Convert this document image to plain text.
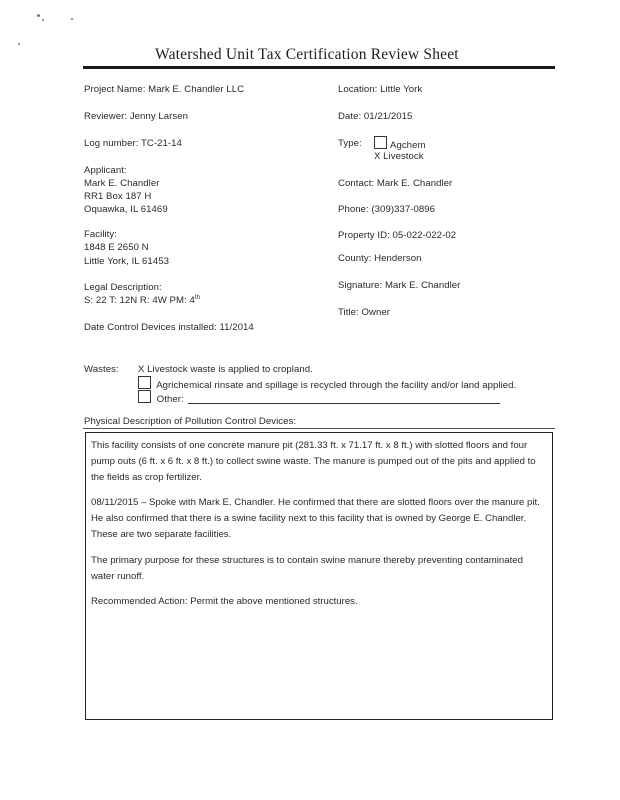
Watershed Unit Tax Certification Review Sheet
Project Name: Mark E. Chandler LLC
Reviewer: Jenny Larsen
Log number: TC-21-14
Applicant:
Mark E. Chandler
RR1 Box 187 H
Oquawka, IL 61469
Facility:
1848 E 2650 N
Little York, IL 61453
Legal Description:
S: 22 T: 12N R: 4W PM: 4th
Date Control Devices installed: 11/2014
Location: Little York
Date: 01/21/2015
Type:	Agchem
X Livestock
Contact: Mark E. Chandler
Phone: (309)337-0896
Property ID: 05-022-022-02
County: Henderson
Signature: Mark E. Chandler
Title: Owner
Wastes: X Livestock waste is applied to cropland.
Agrichemical rinsate and spillage is recycled through the facility and/or land applied.
Other:
Physical Description of Pollution Control Devices:
This facility consists of one concrete manure pit (281.33 ft. x 71.17 ft. x 8 ft.) with slotted floors and four pump outs (6 ft. x 6 ft. x 8 ft.) to collect swine waste. The manure is pumped out of the pits and applied to the fields as crop fertilizer.
08/11/2015 – Spoke with Mark E. Chandler. He confirmed that there are slotted floors over the manure pit. He also confirmed that there is a swine facility next to this facility that is owned by George E. Chandler. These are two separate facilities.
The primary purpose for these structures is to contain swine manure thereby preventing contaminated water runoff.
Recommended Action: Permit the above mentioned structures.
